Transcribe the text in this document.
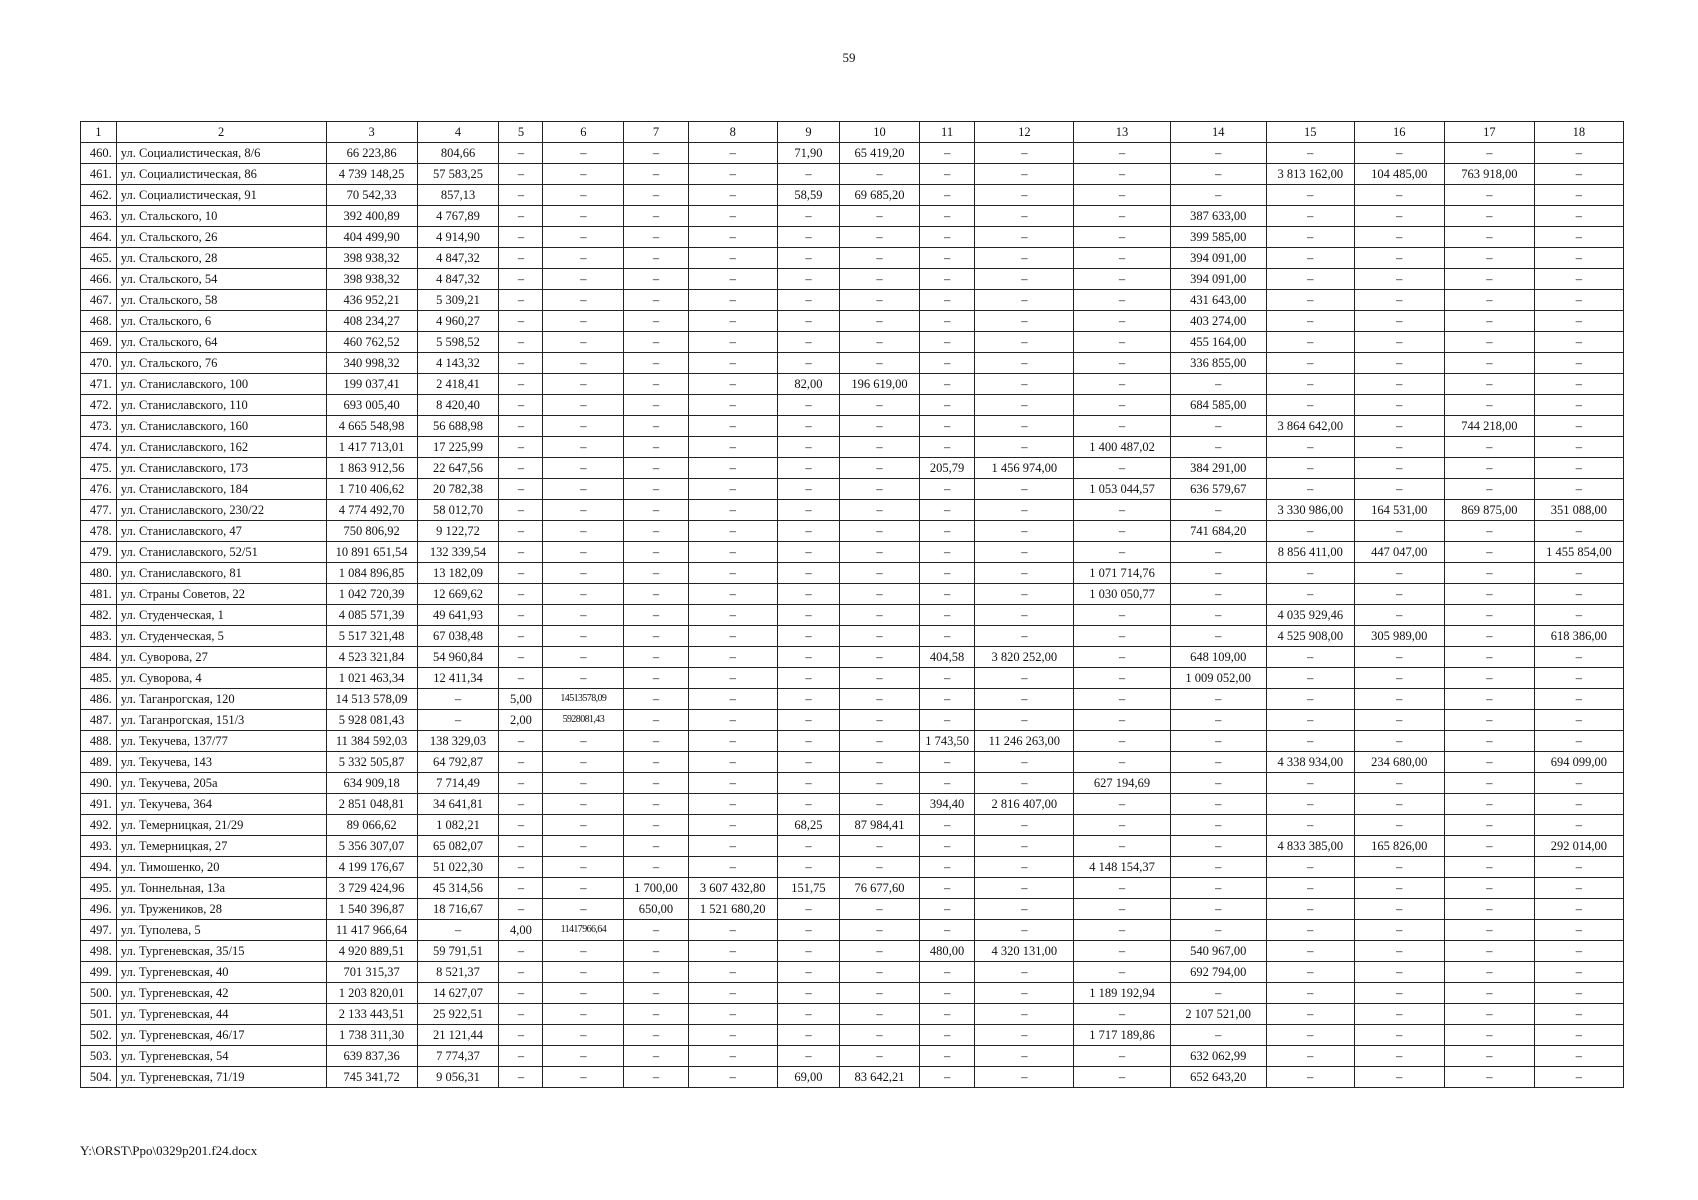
59
1	2	3	4	5	6	7	8	9	10	11	12	13	14	15	16	17	18
460.	ул. Социалистическая, 8/6	66 223,86	804,66	–	–	–	–	71,90	65 419,20	–	–	–	–	–	–	–	–
461.	ул. Социалистическая, 86	4 739 148,25	57 583,25	–	–	–	–	–	–	–	–	–	–	3 813 162,00	104 485,00	763 918,00	–
462.	ул. Социалистическая, 91	70 542,33	857,13	–	–	–	–	58,59	69 685,20	–	–	–	–	–	–	–	–
463.	ул. Стальского, 10	392 400,89	4 767,89	–	–	–	–	–	–	–	–	–	387 633,00	–	–	–	–
464.	ул. Стальского, 26	404 499,90	4 914,90	–	–	–	–	–	–	–	–	–	399 585,00	–	–	–	–
465.	ул. Стальского, 28	398 938,32	4 847,32	–	–	–	–	–	–	–	–	–	394 091,00	–	–	–	–
466.	ул. Стальского, 54	398 938,32	4 847,32	–	–	–	–	–	–	–	–	–	394 091,00	–	–	–	–
467.	ул. Стальского, 58	436 952,21	5 309,21	–	–	–	–	–	–	–	–	–	431 643,00	–	–	–	–
468.	ул. Стальского, 6	408 234,27	4 960,27	–	–	–	–	–	–	–	–	–	403 274,00	–	–	–	–
469.	ул. Стальского, 64	460 762,52	5 598,52	–	–	–	–	–	–	–	–	–	455 164,00	–	–	–	–
470.	ул. Стальского, 76	340 998,32	4 143,32	–	–	–	–	–	–	–	–	–	336 855,00	–	–	–	–
471.	ул. Станиславского, 100	199 037,41	2 418,41	–	–	–	–	82,00	196 619,00	–	–	–	–	–	–	–	–
472.	ул. Станиславского, 110	693 005,40	8 420,40	–	–	–	–	–	–	–	–	–	684 585,00	–	–	–	–
473.	ул. Станиславского, 160	4 665 548,98	56 688,98	–	–	–	–	–	–	–	–	–	–	3 864 642,00	–	744 218,00	–
474.	ул. Станиславского, 162	1 417 713,01	17 225,99	–	–	–	–	–	–	–	–	1 400 487,02	–	–	–	–	–
475.	ул. Станиславского, 173	1 863 912,56	22 647,56	–	–	–	–	–	–	205,79	1 456 974,00	–	384 291,00	–	–	–	–
476.	ул. Станиславского, 184	1 710 406,62	20 782,38	–	–	–	–	–	–	–	–	1 053 044,57	636 579,67	–	–	–	–
477.	ул. Станиславского, 230/22	4 774 492,70	58 012,70	–	–	–	–	–	–	–	–	–	–	3 330 986,00	164 531,00	869 875,00	351 088,00
478.	ул. Станиславского, 47	750 806,92	9 122,72	–	–	–	–	–	–	–	–	–	741 684,20	–	–	–	–
479.	ул. Станиславского, 52/51	10 891 651,54	132 339,54	–	–	–	–	–	–	–	–	–	–	8 856 411,00	447 047,00	–	1 455 854,00
480.	ул. Станиславского, 81	1 084 896,85	13 182,09	–	–	–	–	–	–	–	–	1 071 714,76	–	–	–	–	–
481.	ул. Страны Советов, 22	1 042 720,39	12 669,62	–	–	–	–	–	–	–	–	1 030 050,77	–	–	–	–	–
482.	ул. Студенческая, 1	4 085 571,39	49 641,93	–	–	–	–	–	–	–	–	–	–	4 035 929,46	–	–	–
483.	ул. Студенческая, 5	5 517 321,48	67 038,48	–	–	–	–	–	–	–	–	–	–	4 525 908,00	305 989,00	–	618 386,00
484.	ул. Суворова, 27	4 523 321,84	54 960,84	–	–	–	–	–	–	404,58	3 820 252,00	–	648 109,00	–	–	–	–
485.	ул. Суворова, 4	1 021 463,34	12 411,34	–	–	–	–	–	–	–	–	–	1 009 052,00	–	–	–	–
486.	ул. Таганрогская, 120	14 513 578,09	–	5,00	14513578,09	–	–	–	–	–	–	–	–	–	–	–	–
487.	ул. Таганрогская, 151/3	5 928 081,43	–	2,00	5928081,43	–	–	–	–	–	–	–	–	–	–	–	–
488.	ул. Текучева, 137/77	11 384 592,03	138 329,03	–	–	–	–	–	–	1 743,50	11 246 263,00	–	–	–	–	–	–
489.	ул. Текучева, 143	5 332 505,87	64 792,87	–	–	–	–	–	–	–	–	–	–	4 338 934,00	234 680,00	–	694 099,00
490.	ул. Текучева, 205а	634 909,18	7 714,49	–	–	–	–	–	–	–	–	627 194,69	–	–	–	–	–
491.	ул. Текучева, 364	2 851 048,81	34 641,81	–	–	–	–	–	–	394,40	2 816 407,00	–	–	–	–	–	–
492.	ул. Темерницкая, 21/29	89 066,62	1 082,21	–	–	–	–	68,25	87 984,41	–	–	–	–	–	–	–	–
493.	ул. Темерницкая, 27	5 356 307,07	65 082,07	–	–	–	–	–	–	–	–	–	–	4 833 385,00	165 826,00	–	292 014,00
494.	ул. Тимошенко, 20	4 199 176,67	51 022,30	–	–	–	–	–	–	–	–	4 148 154,37	–	–	–	–	–
495.	ул. Тоннельная, 13а	3 729 424,96	45 314,56	–	–	1 700,00	3 607 432,80	151,75	76 677,60	–	–	–	–	–	–	–	–
496.	ул. Тружеников, 28	1 540 396,87	18 716,67	–	–	650,00	1 521 680,20	–	–	–	–	–	–	–	–	–	–
497.	ул. Туполева, 5	11 417 966,64	–	4,00	11417966,64	–	–	–	–	–	–	–	–	–	–	–	–
498.	ул. Тургеневская, 35/15	4 920 889,51	59 791,51	–	–	–	–	–	–	480,00	4 320 131,00	–	540 967,00	–	–	–	–
499.	ул. Тургеневская, 40	701 315,37	8 521,37	–	–	–	–	–	–	–	–	–	692 794,00	–	–	–	–
500.	ул. Тургеневская, 42	1 203 820,01	14 627,07	–	–	–	–	–	–	–	–	1 189 192,94	–	–	–	–	–
501.	ул. Тургеневская, 44	2 133 443,51	25 922,51	–	–	–	–	–	–	–	–	–	2 107 521,00	–	–	–	–
502.	ул. Тургеневская, 46/17	1 738 311,30	21 121,44	–	–	–	–	–	–	–	–	1 717 189,86	–	–	–	–	–
503.	ул. Тургеневская, 54	639 837,36	7 774,37	–	–	–	–	–	–	–	–	–	632 062,99	–	–	–	–
504.	ул. Тургеневская, 71/19	745 341,72	9 056,31	–	–	–	–	69,00	83 642,21	–	–	–	652 643,20	–	–	–	–
Y:\ORST\Ppo\0329p201.f24.docx
